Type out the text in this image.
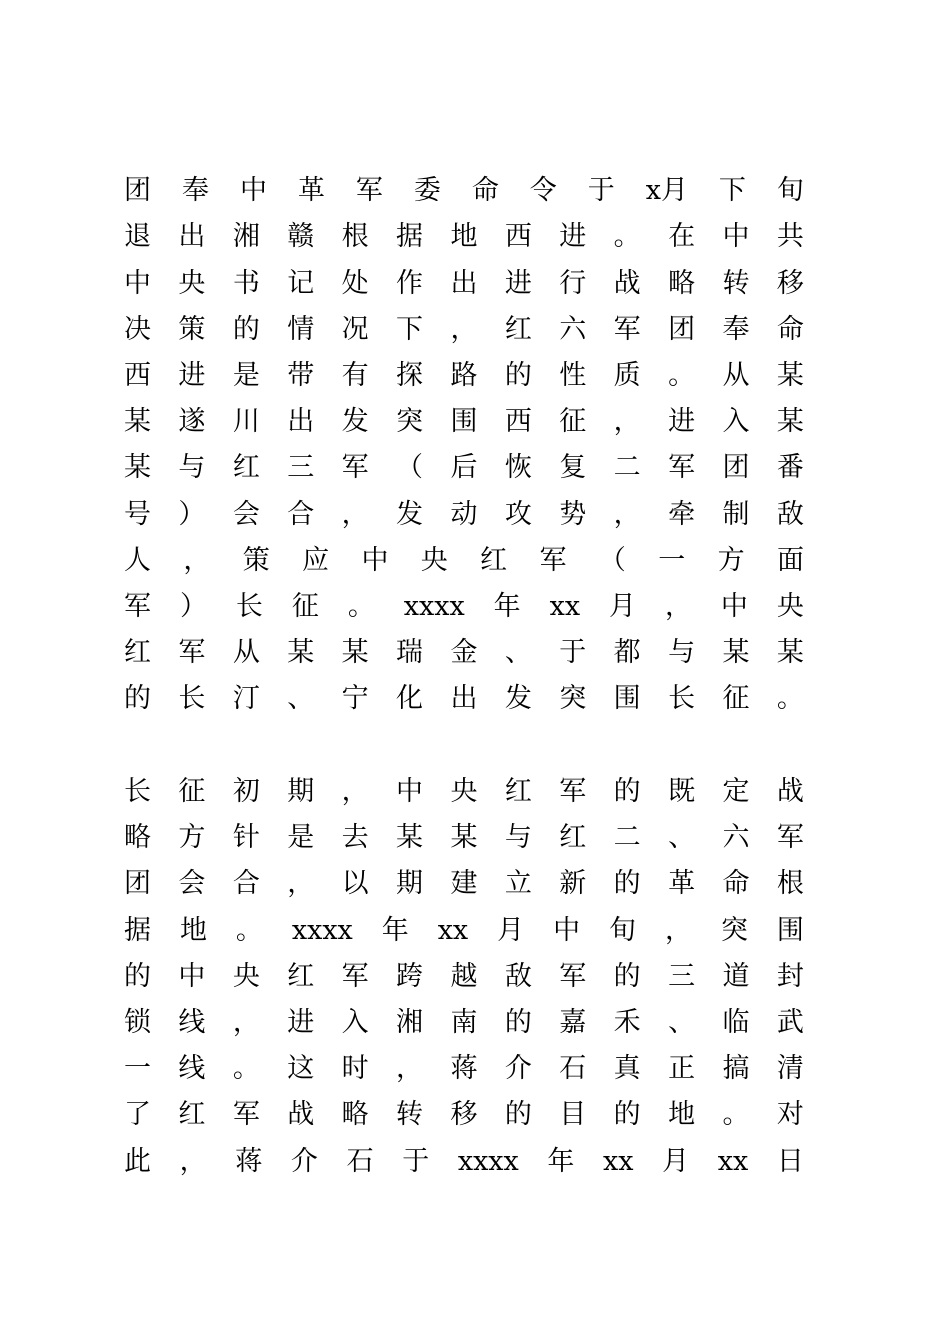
团 奉 中 革 军 委 命 令 于 x月 下 旬
退 出 湘 赣 根 据 地 西 进 。 在 中 共
中 央 书 记 处 作 出 进 行 战 略 转 移
决 策 的 情 况 下 ， 红 六 军 团 奉 命
西 进 是 带 有 探 路 的 性 质 。 从 某
某 遂 川 出 发 突 围 西 征 ， 进 入 某
某 与 红 三 军 （ 后 恢 复 二 军 团 番
号 ） 会 合 ， 发 动 攻 势 ， 牵 制 敌
人 ， 策 应 中 央 红 军 （ 一 方 面
军 ） 长 征 。 xxxx 年 xx 月 ， 中 央
红 军 从 某 某 瑞 金 、 于 都 与 某 某
的 长 汀 、 宁 化 出 发 突 围 长 征 。
长 征 初 期 ， 中 央 红 军 的 既 定 战
略 方 针 是 去 某 某 与 红 二 、 六 军
团 会 合 ， 以 期 建 立 新 的 革 命 根
据 地 。 xxxx 年 xx 月 中 旬 ， 突 围
的 中 央 红 军 跨 越 敌 军 的 三 道 封
锁 线 ， 进 入 湘 南 的 嘉 禾 、 临 武
一 线 。 这 时 ， 蒋 介 石 真 正 搞 清
了 红 军 战 略 转 移 的 目 的 地 。 对
此 ， 蒋 介 石 于 xxxx 年 xx 月 xx 日
